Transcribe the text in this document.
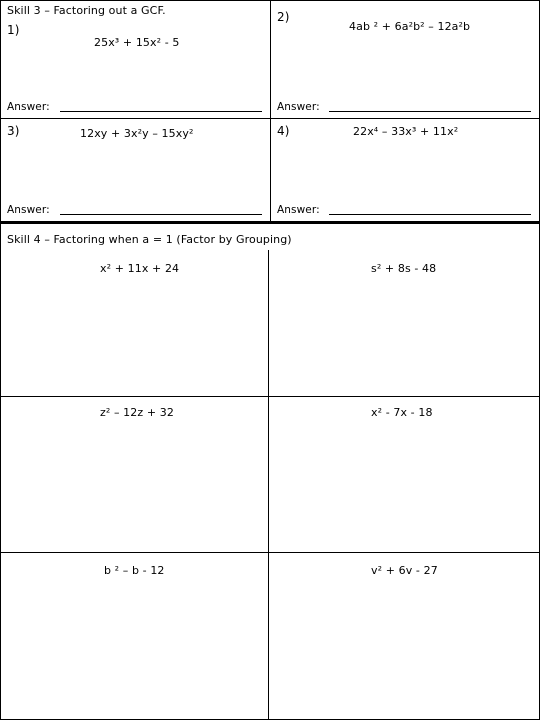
Skill 3 – Factoring out a GCF.
1)
25x³ + 15x² - 5
Answer:
2)
4ab ² + 6a²b² – 12a²b
Answer:
3)	12xy + 3x²y – 15xy²
Answer:
4)	22x⁴ – 33x³ + 11x²
Answer:
Skill 4 – Factoring when a = 1 (Factor by Grouping)
x² + 11x + 24	s² + 8s - 48
z² – 12z + 32	x² - 7x - 18
b ² – b - 12	v² + 6v - 27
